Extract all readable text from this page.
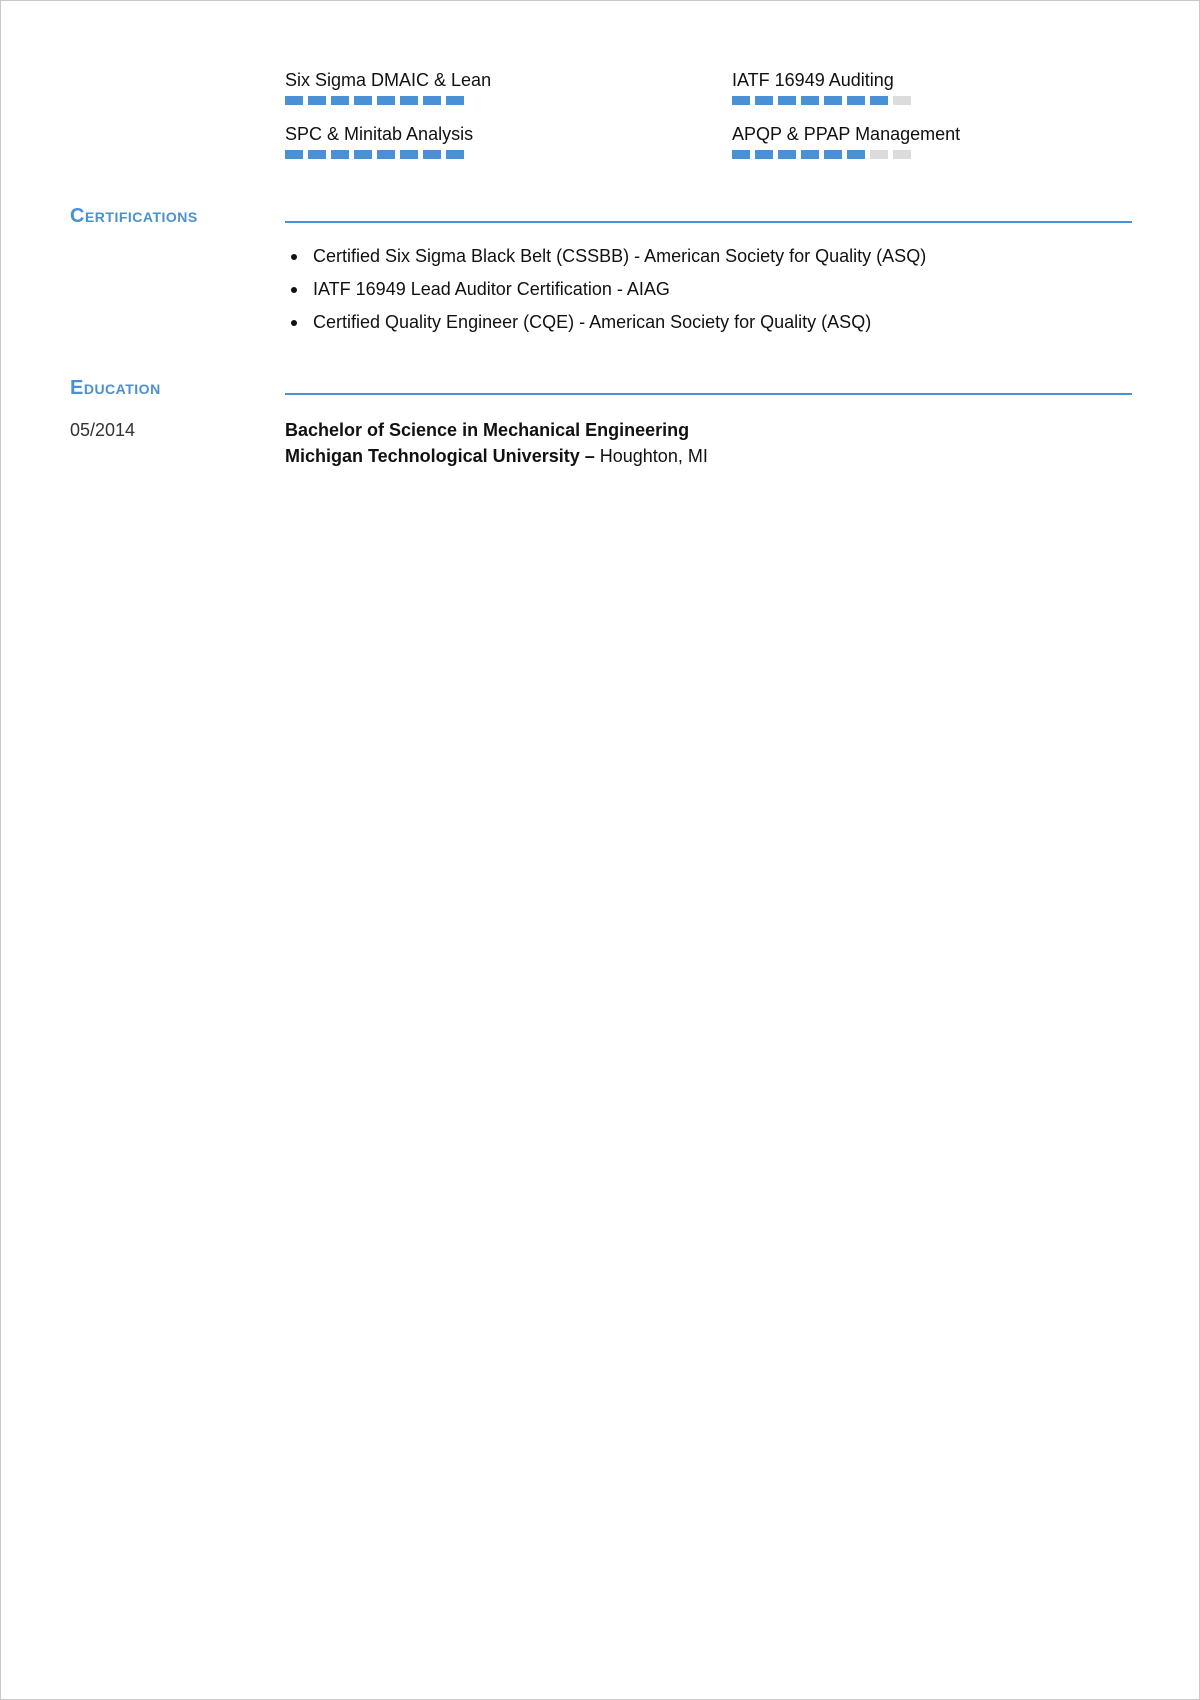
Six Sigma DMAIC & Lean	IATF 16949 Auditing
SPC & Minitab Analysis	APQP & PPAP Management
Certifications
Certified Six Sigma Black Belt (CSSBB) - American Society for Quality (ASQ)
IATF 16949 Lead Auditor Certification - AIAG
Certified Quality Engineer (CQE) - American Society for Quality (ASQ)
Education
05/2014	Bachelor of Science in Mechanical Engineering
Michigan Technological University – Houghton, MI
